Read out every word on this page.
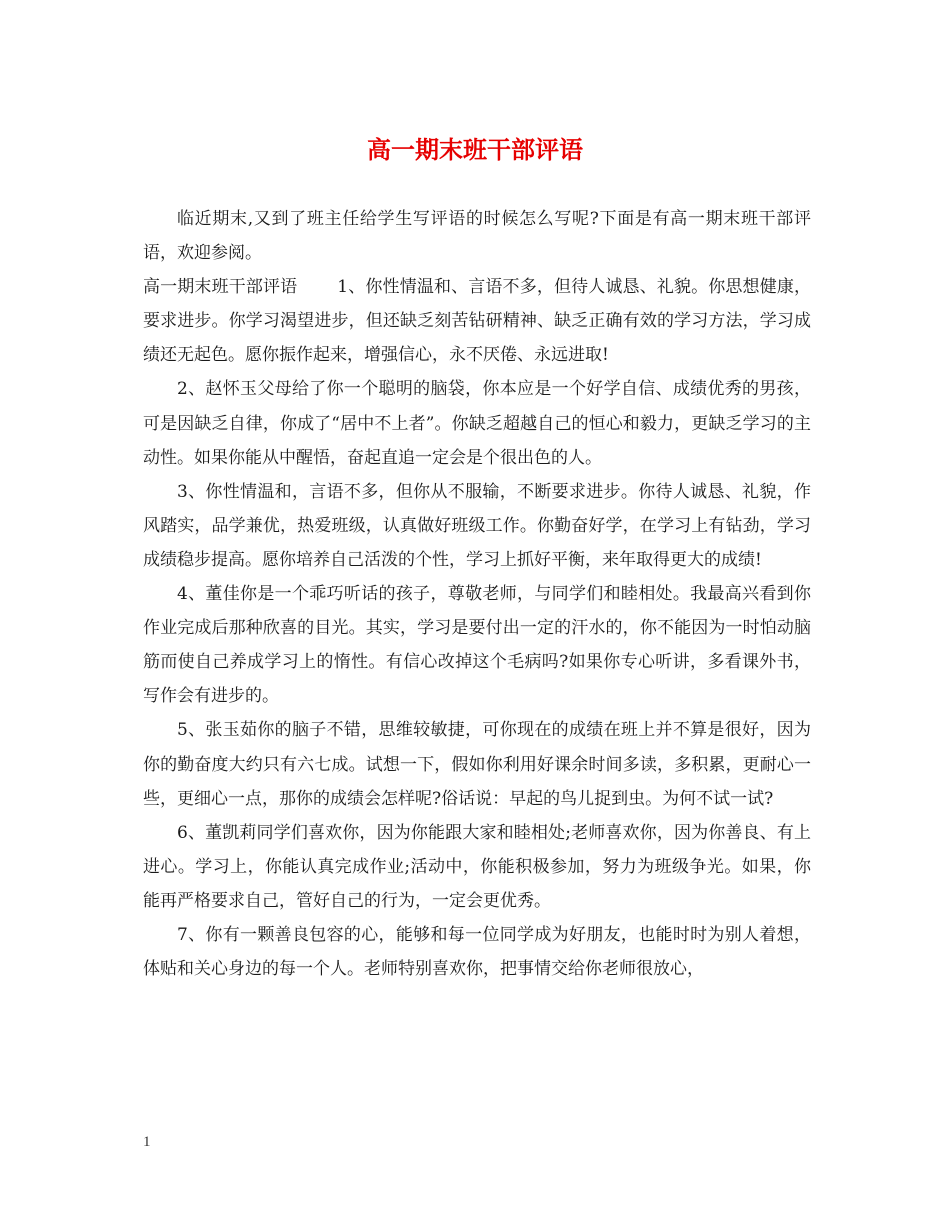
高一期末班干部评语

临近期末,又到了班主任给学生写评语的时候怎么写呢?下面是有高一期末班干部评语，欢迎参阅。

高一期末班干部评语 1、你性情温和、言语不多，但待人诚恳、礼貌。你思想健康，要求进步。你学习渴望进步，但还缺乏刻苦钻研精神、缺乏正确有效的学习方法，学习成绩还无起色。愿你振作起来，增强信心，永不厌倦、永远进取!

2、赵怀玉父母给了你一个聪明的脑袋，你本应是一个好学自信、成绩优秀的男孩，可是因缺乏自律，你成了“居中不上者”。你缺乏超越自己的恒心和毅力，更缺乏学习的主动性。如果你能从中醒悟，奋起直追一定会是个很出色的人。

3、你性情温和，言语不多，但你从不服输，不断要求进步。你待人诚恳、礼貌，作风踏实，品学兼优，热爱班级，认真做好班级工作。你勤奋好学，在学习上有钻劲，学习成绩稳步提高。愿你培养自己活泼的个性，学习上抓好平衡，来年取得更大的成绩!

4、董佳你是一个乖巧听话的孩子，尊敬老师，与同学们和睦相处。我最高兴看到你作业完成后那种欣喜的目光。其实，学习是要付出一定的汗水的，你不能因为一时怕动脑筋而使自己养成学习上的惰性。有信心改掉这个毛病吗?如果你专心听讲，多看课外书，写作会有进步的。

5、张玉茹你的脑子不错，思维较敏捷，可你现在的成绩在班上并不算是很好，因为你的勤奋度大约只有六七成。试想一下，假如你利用好课余时间多读，多积累，更耐心一些，更细心一点，那你的成绩会怎样呢?俗话说：早起的鸟儿捉到虫。为何不试一试?

6、董凯莉同学们喜欢你，因为你能跟大家和睦相处;老师喜欢你，因为你善良、有上进心。学习上，你能认真完成作业;活动中，你能积极参加，努力为班级争光。如果，你能再严格要求自己，管好自己的行为，一定会更优秀。

7、你有一颗善良包容的心，能够和每一位同学成为好朋友，也能时时为别人着想，体贴和关心身边的每一个人。老师特别喜欢你，把事情交给你老师很放心，

1
